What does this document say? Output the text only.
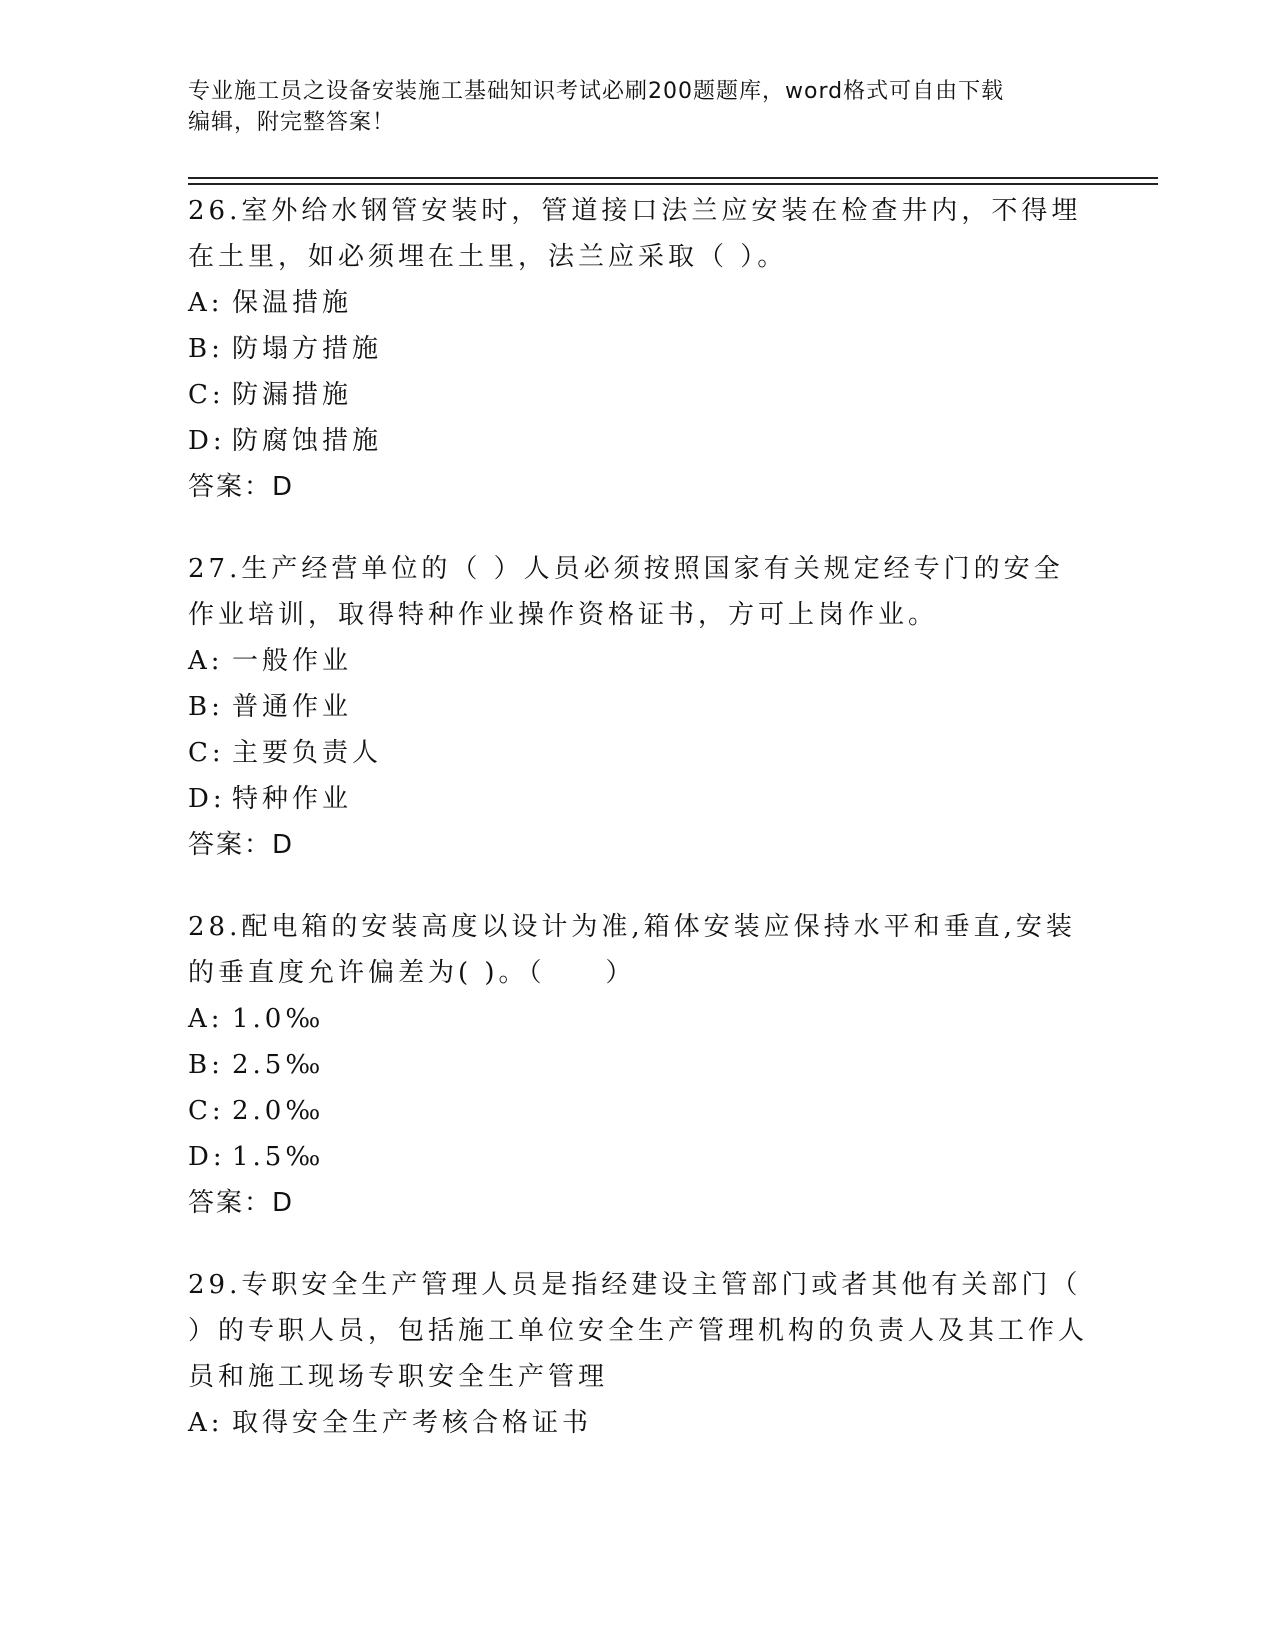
专业施工员之设备安装施工基础知识考试必刷200题题库，word格式可自由下载
编辑，附完整答案！
26.室外给水钢管安装时，管道接口法兰应安装在检查井内，不得埋在土里，如必须埋在土里，法兰应采取（ ）。
A: 保温措施
B: 防塌方措施
C: 防漏措施
D: 防腐蚀措施
答案：D
27.生产经营单位的（ ）人员必须按照国家有关规定经专门的安全作业培训，取得特种作业操作资格证书，方可上岗作业。
A: 一般作业
B: 普通作业
C: 主要负责人
D: 特种作业
答案：D
28.配电箱的安装高度以设计为准,箱体安装应保持水平和垂直,安装的垂直度允许偏差为( )。（　　）
A: 1.0‰
B: 2.5‰
C: 2.0‰
D: 1.5‰
答案：D
29.专职安全生产管理人员是指经建设主管部门或者其他有关部门（ ）的专职人员，包括施工单位安全生产管理机构的负责人及其工作人员和施工现场专职安全生产管理
A: 取得安全生产考核合格证书
